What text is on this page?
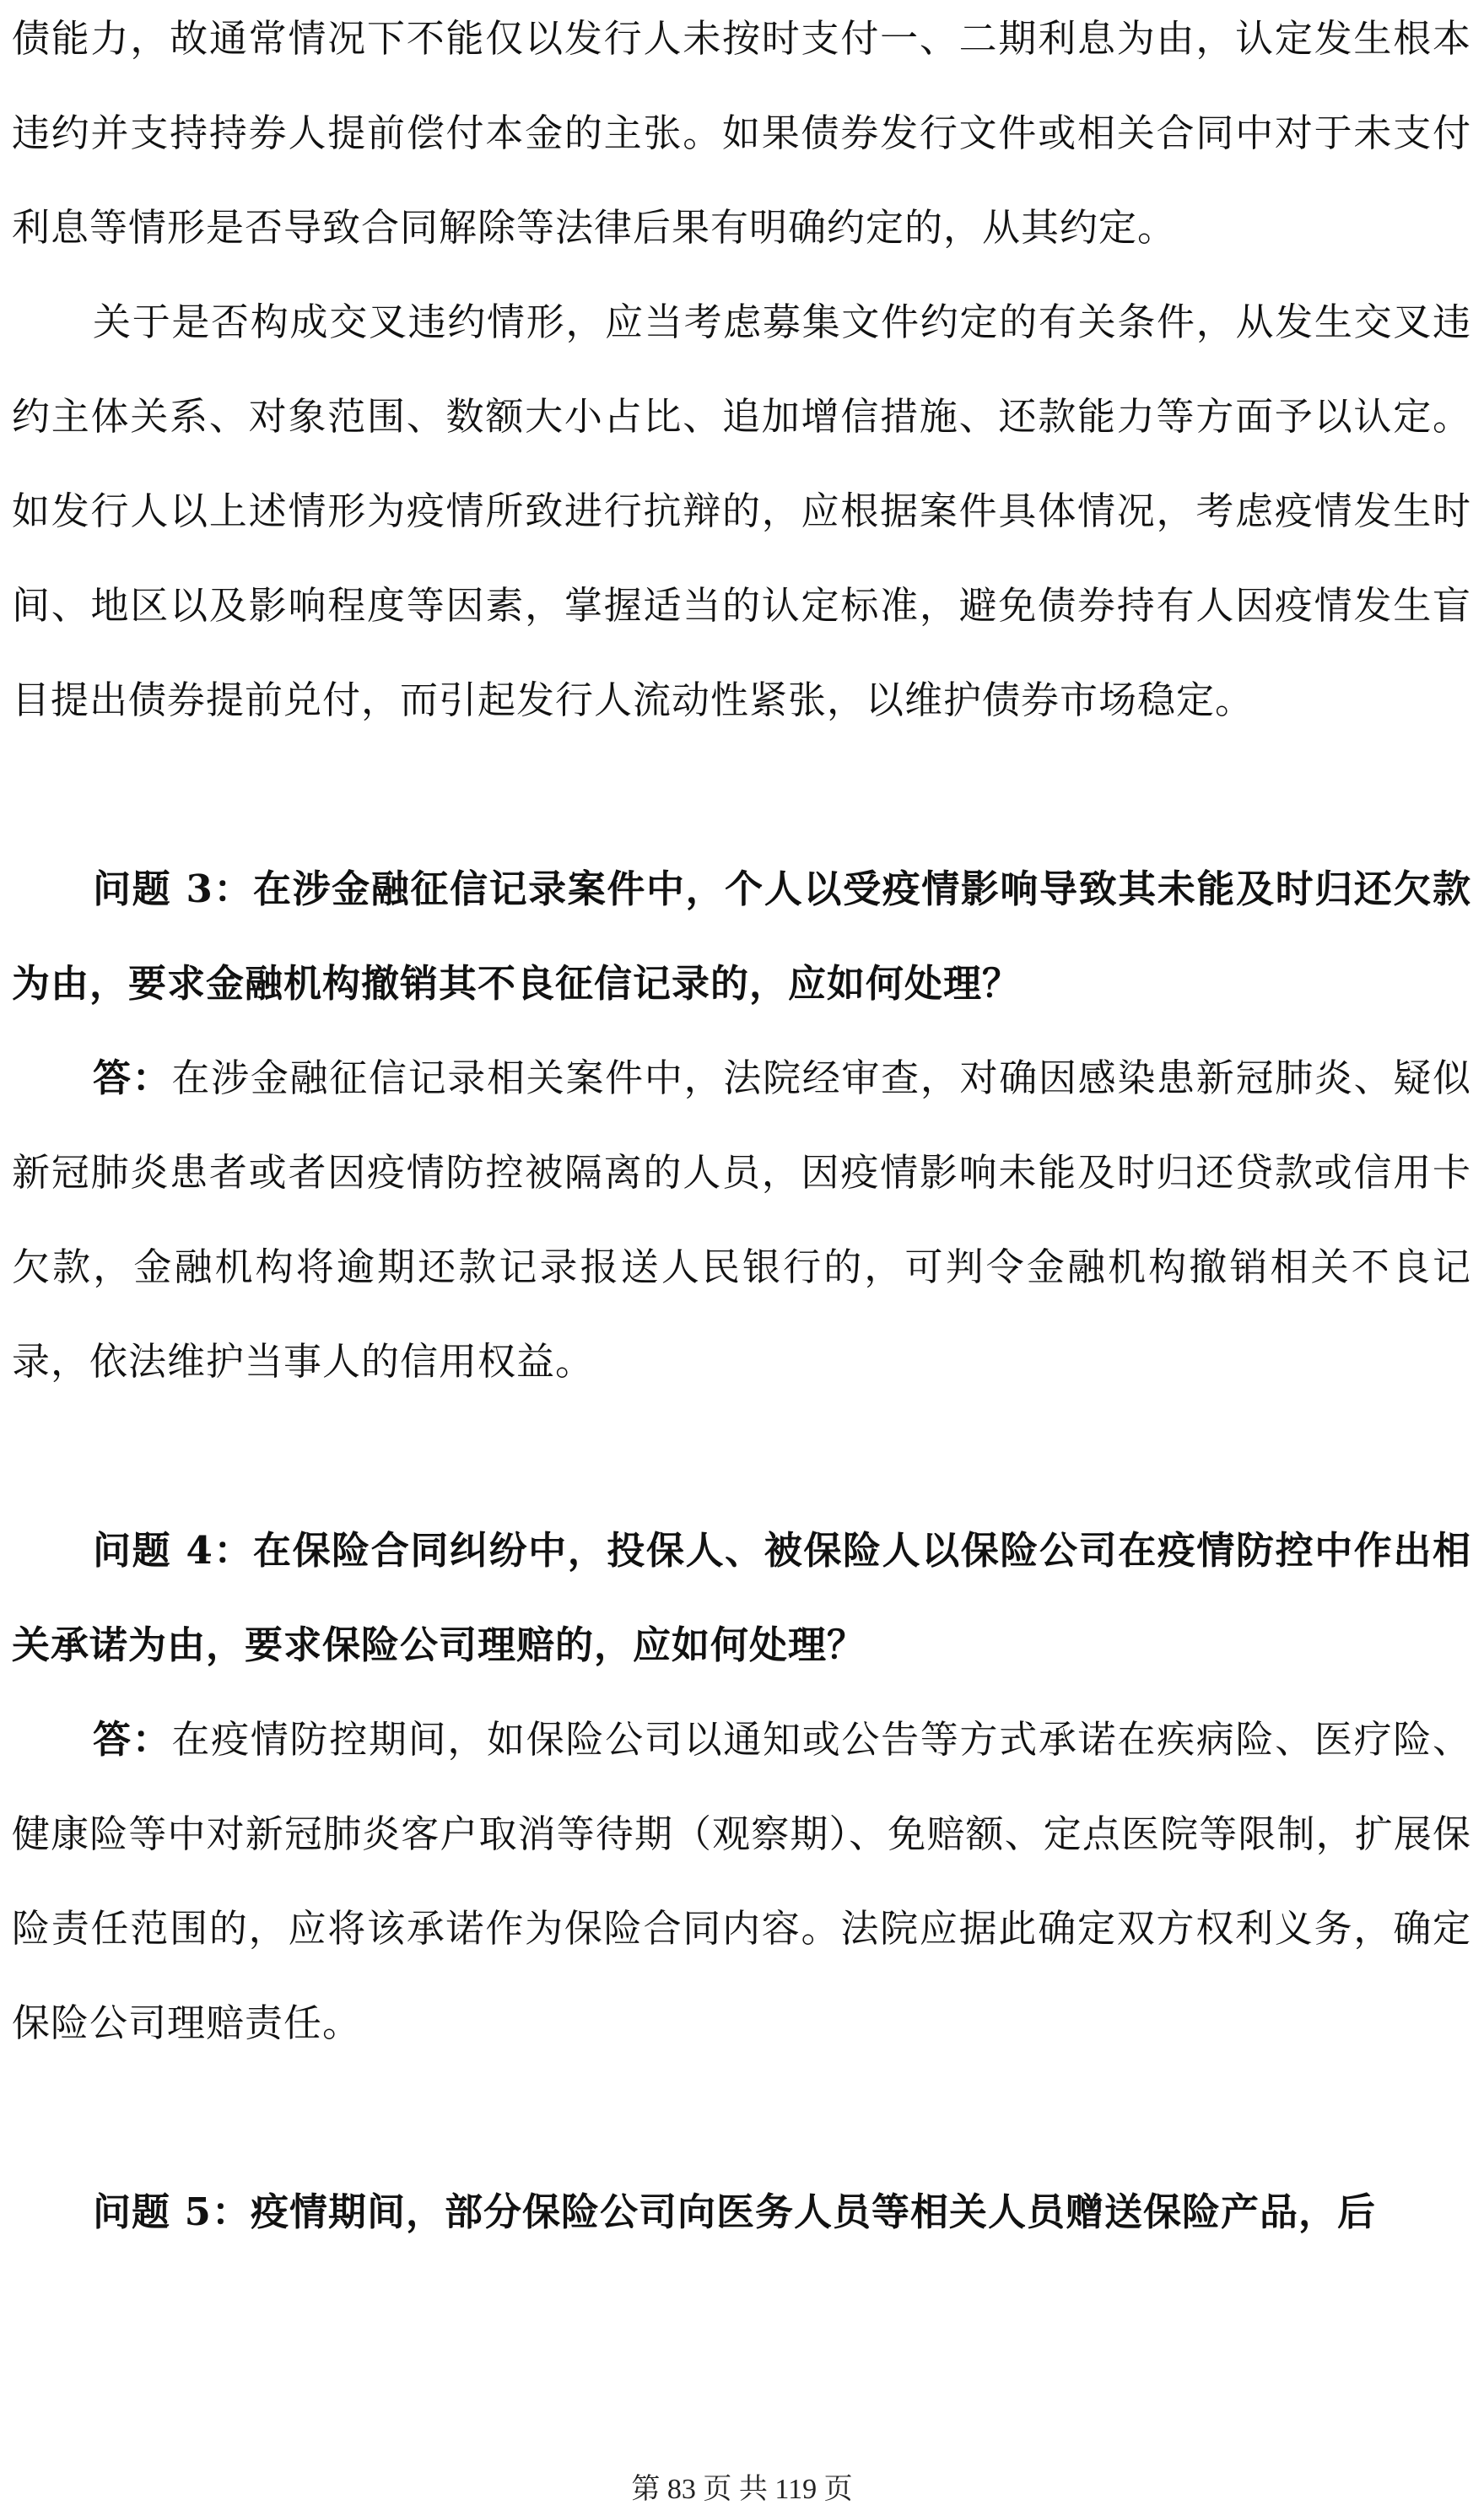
债能力，故通常情况下不能仅以发行人未按时支付一、二期利息为由，认定发生根本违约并支持持券人提前偿付本金的主张。如果债券发行文件或相关合同中对于未支付利息等情形是否导致合同解除等法律后果有明确约定的，从其约定。

关于是否构成交叉违约情形，应当考虑募集文件约定的有关条件，从发生交叉违约主体关系、对象范围、数额大小占比、追加增信措施、还款能力等方面予以认定。如发行人以上述情形为疫情所致进行抗辩的，应根据案件具体情况，考虑疫情发生时间、地区以及影响程度等因素，掌握适当的认定标准，避免债券持有人因疫情发生盲目提出债券提前兑付，而引起发行人流动性紧张，以维护债券市场稳定。

问题 3：在涉金融征信记录案件中，个人以受疫情影响导致其未能及时归还欠款为由，要求金融机构撤销其不良征信记录的，应如何处理？

答：在涉金融征信记录相关案件中，法院经审查，对确因感染患新冠肺炎、疑似新冠肺炎患者或者因疫情防控被隔离的人员，因疫情影响未能及时归还贷款或信用卡欠款，金融机构将逾期还款记录报送人民银行的，可判令金融机构撤销相关不良记录，依法维护当事人的信用权益。

问题 4：在保险合同纠纷中，投保人、被保险人以保险公司在疫情防控中作出相关承诺为由，要求保险公司理赔的，应如何处理？

答：在疫情防控期间，如保险公司以通知或公告等方式承诺在疾病险、医疗险、健康险等中对新冠肺炎客户取消等待期（观察期）、免赔额、定点医院等限制，扩展保险责任范围的，应将该承诺作为保险合同内容。法院应据此确定双方权利义务，确定保险公司理赔责任。

问题 5：疫情期间，部分保险公司向医务人员等相关人员赠送保险产品，后

第 83 页 共 119 页
